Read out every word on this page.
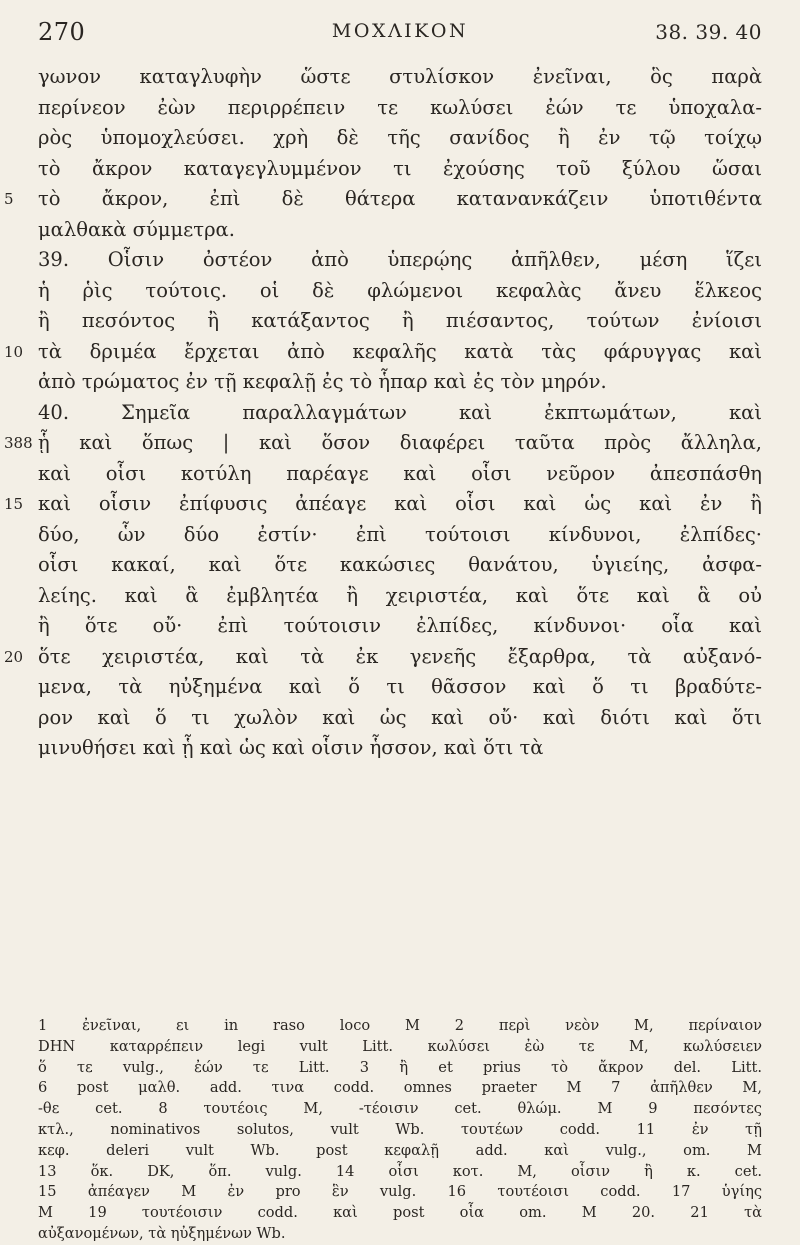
270	ΜΟΧΛΙΚΟΝ	38. 39. 40
γωνον καταγλυφὴν ὥστε στυλίσκον ἐνεῖναι, ὃς παρὰ
περίνεον ἐὼν περιρρέπειν τε κωλύσει ἐών τε ὑποχαλα-
ρὸς ὑπομοχλεύσει. χρὴ δὲ τῆς σανίδος ἢ ἐν τῷ τοίχῳ
τὸ ἄκρον καταγεγλυμμένον τι ἐχούσης τοῦ ξύλου ὥσαι
5	τὸ ἄκρον, ἐπὶ δὲ θάτερα κατανανκάζειν ὑποτιθέντα
μαλθακὰ σύμμετρα.
39. Οἷσιν ὀστέον ἀπὸ ὑπερῴης ἀπῆλθεν, μέση ἵζει
ἡ ῥὶς τούτοις. οἱ δὲ φλώμενοι κεφαλὰς ἄνευ ἕλκεος
ἢ πεσόντος ἢ κατάξαντος ἢ πιέσαντος, τούτων ἐνίοισι
10 τὰ δριμέα ἔρχεται ἀπὸ κεφαλῆς κατὰ τὰς φάρυγγας καὶ
ἀπὸ τρώματος ἐν τῇ κεφαλῇ ἐς τὸ ἧπαρ καὶ ἐς τὸν μηρόν.
40. Σημεῖα παραλλαγμάτων καὶ ἐκπτωμάτων, καὶ
388 ᾗ καὶ ὅπως | καὶ ὅσον διαφέρει ταῦτα πρὸς ἄλληλα,
καὶ οἷσι κοτύλη παρέαγε καὶ οἷσι νεῦρον ἀπεσπάσθη
15 καὶ οἷσιν ἐπίφυσις ἀπέαγε καὶ οἷσι καὶ ὡς καὶ ἐν ἢ
δύο, ὧν δύο ἐστίν· ἐπὶ τούτοισι κίνδυνοι, ἐλπίδες·
οἷσι κακαί, καὶ ὅτε κακώσιες θανάτου, ὑγιείης, ἀσφα-
λείης. καὶ ἃ ἐμβλητέα ἢ χειριστέα, καὶ ὅτε καὶ ἃ οὐ
ἢ ὅτε οὔ· ἐπὶ τούτοισιν ἐλπίδες, κίνδυνοι· οἷα καὶ
20 ὅτε χειριστέα, καὶ τὰ ἐκ γενεῆς ἔξαρθρα, τὰ αὐξανό-
μενα, τὰ ηὐξημένα καὶ ὅ τι θᾶσσον καὶ ὅ τι βραδύτε-
ρον καὶ ὅ τι χωλὸν καὶ ὡς καὶ οὔ· καὶ διότι καὶ ὅτι
μινυθήσει καὶ ᾗ καὶ ὡς καὶ οἷσιν ἧσσον, καὶ ὅτι τὰ
1 ἐνεῖναι, ει in raso loco M 2 περὶ νεὸν M, περίναιον
DHN καταρρέπειν legi vult Litt. κωλύσει ἐὼ τε M, κωλύσειεν
ὅ τε vulg., ἐών τε Litt. 3 ἢ et prius τὸ ἄκρον del. Litt.
6 post μαλθ. add. τινα codd. omnes praeter M 7 ἀπῆλθεν M,
-θε cet. 8 τουτέοις M, -τέοισιν cet. θλώμ. M 9 πεσόντες
κτλ., nominativos solutos, vult Wb. τουτέων codd. 11 ἐν τῇ
κεφ. deleri vult Wb. post κεφαλῇ add. καὶ vulg., om. M
13 ὅκ. DK, ὅπ. vulg. 14 οἷσι κοτ. M, οἷσιν ἢ κ. cet.
15 ἀπέαγεν M ἐν pro ἓν vulg. 16 τουτέοισι codd. 17 ὑγίης
M 19 τουτέοισιν codd. καὶ post οἷα om. M 20. 21 τὰ
αὐξανομένων, τὰ ηὐξημένων Wb.
